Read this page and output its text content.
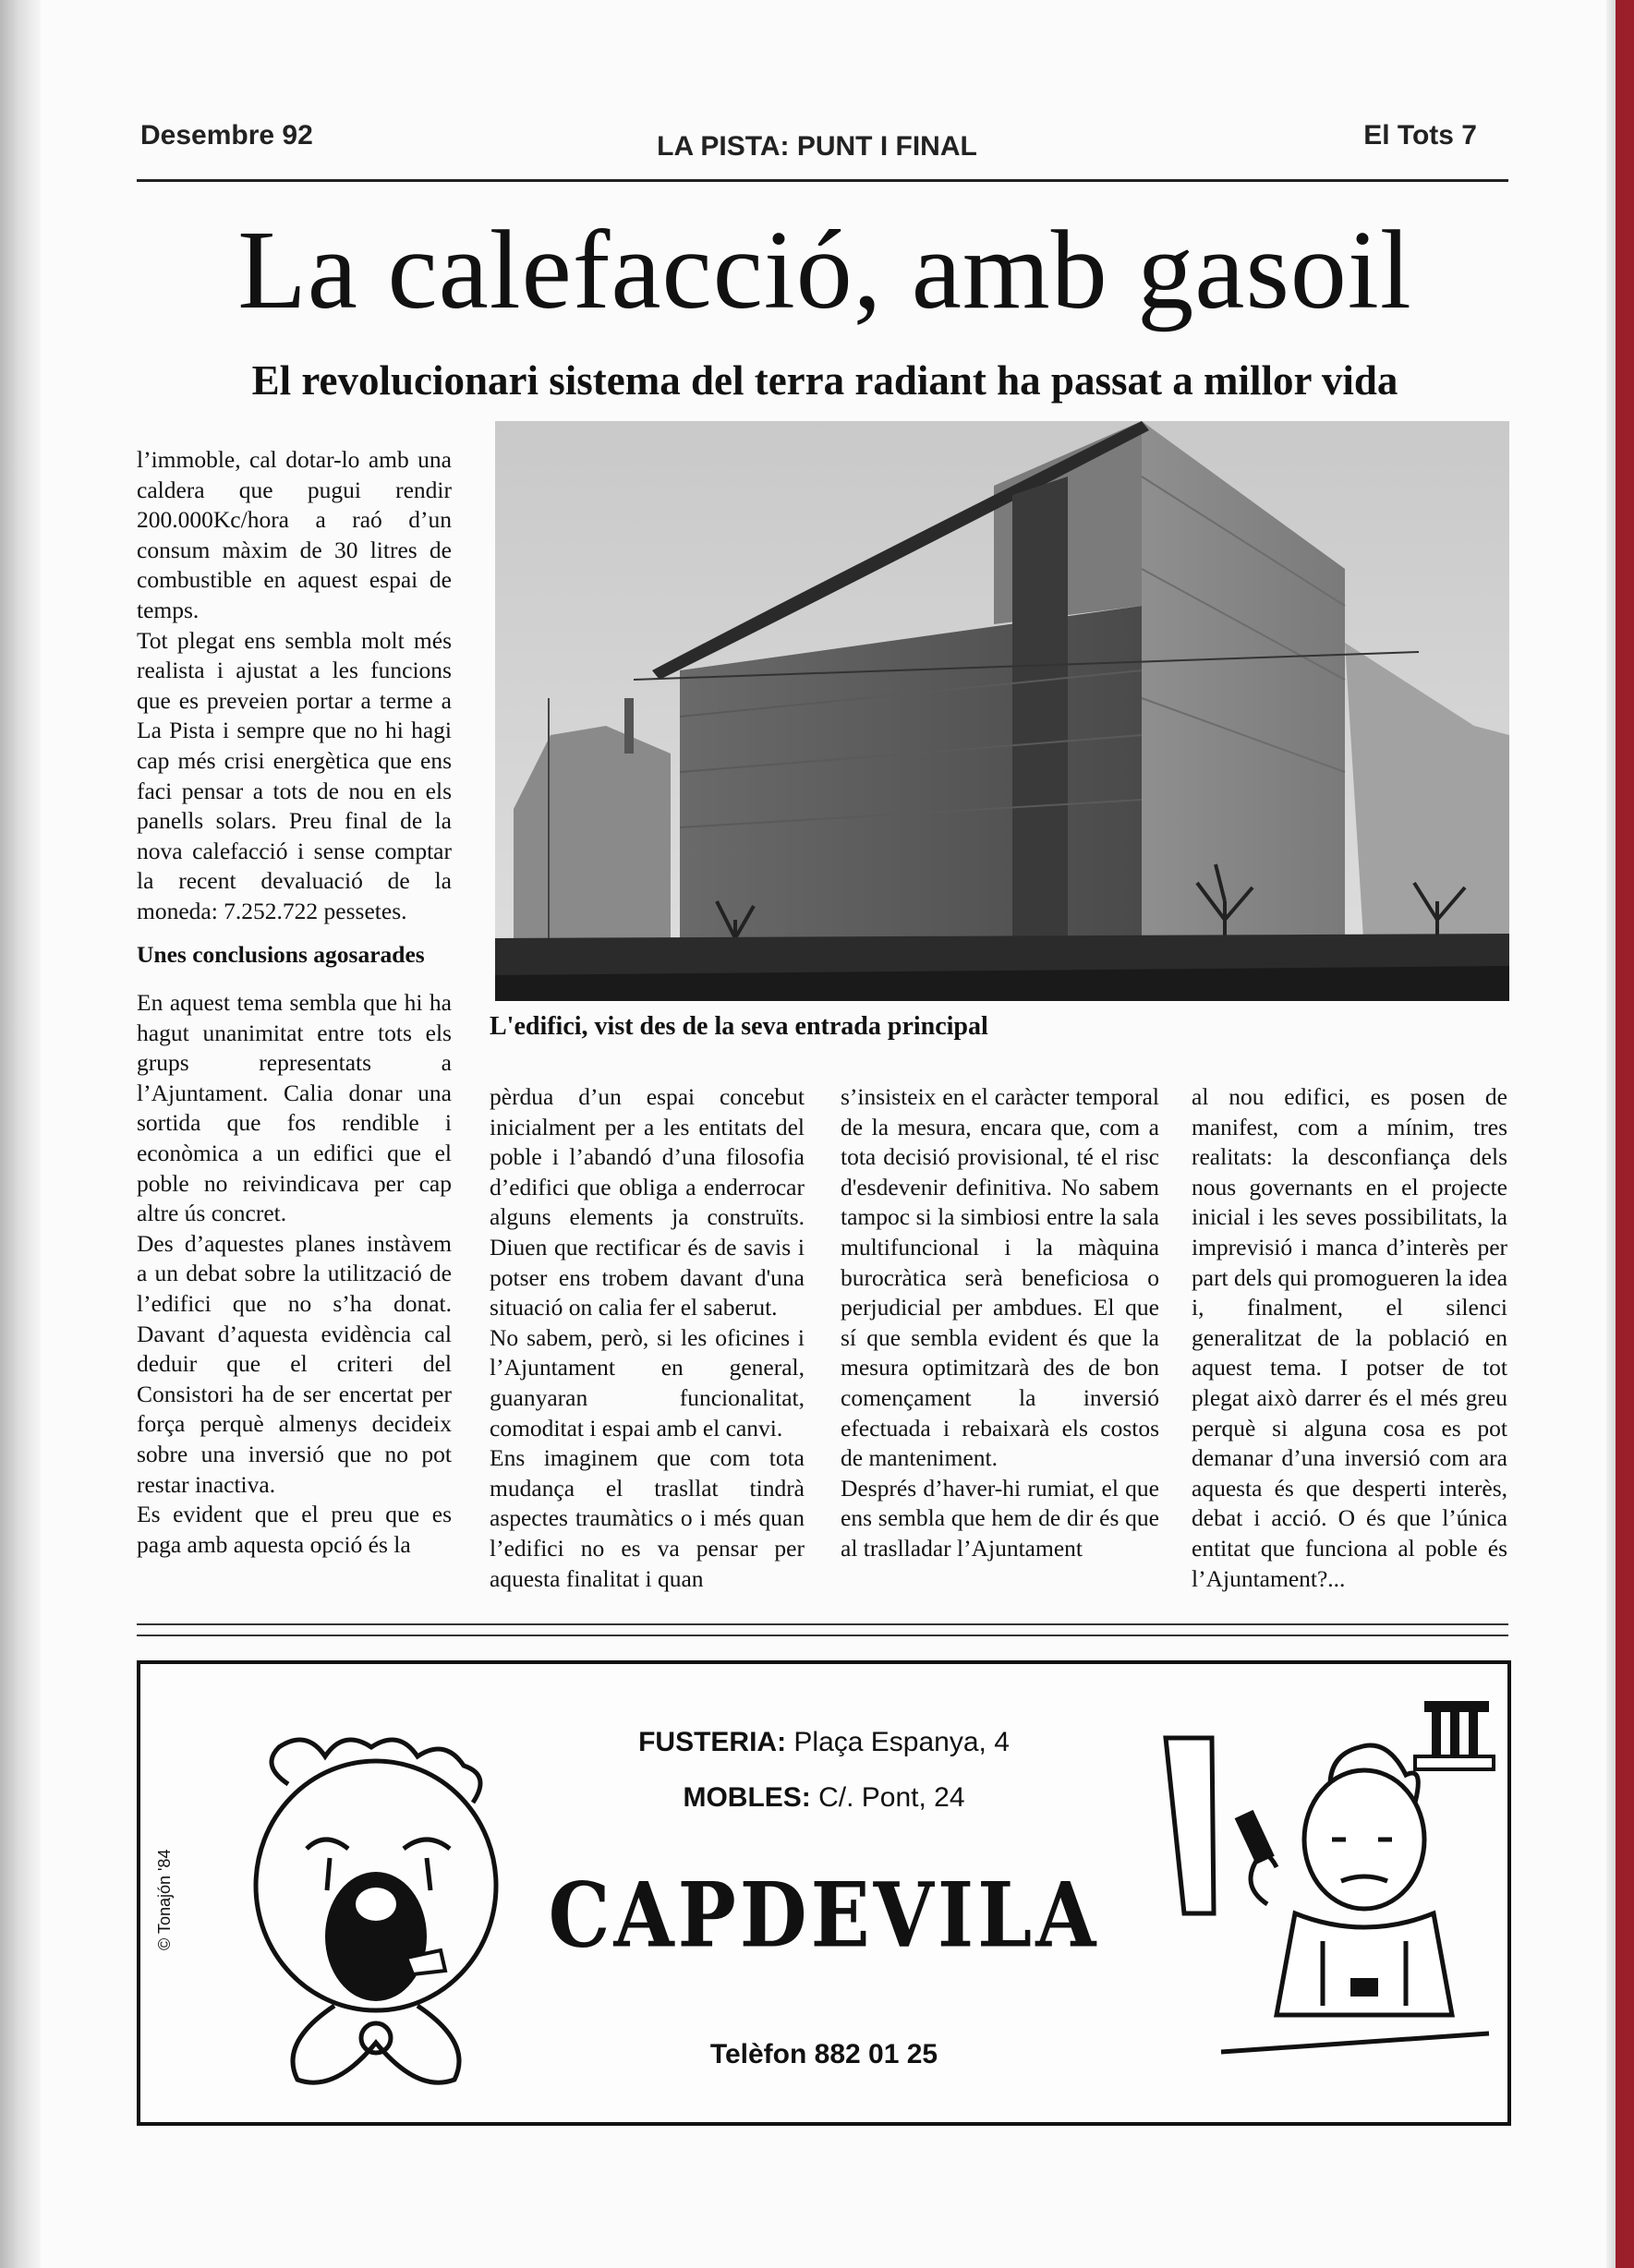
Desembre 92	LA PISTA: PUNT I FINAL	El Tots 7
La calefacció, amb gasoil
El revolucionari sistema del terra radiant ha passat a millor vida

l’immoble, cal dotar-lo amb una caldera que pugui rendir 200.000Kc/hora a raó d’un consum màxim de 30 litres de combustible en aquest espai de temps.

Tot plegat ens sembla molt més realista i ajustat a les funcions que es preveien portar a terme a La Pista i sempre que no hi hagi cap més crisi energètica que ens faci pensar a tots de nou en els panells solars. Preu final de la nova calefacció i sense comptar la recent devaluació de la moneda: 7.252.722 pessetes.

Unes conclusions agosarades

En aquest tema sembla que hi ha hagut unanimitat entre tots els grups representats a l’Ajuntament. Calia donar una sortida que fos rendible i econòmica a un edifici que el poble no reivindicava per cap altre ús concret.

Des d’aquestes planes instàvem a un debat sobre la utilització de l’edifici que no s’ha donat. Davant d’aquesta evidència cal deduir que el criteri del Consistori ha de ser encertat per força perquè almenys decideix sobre una inversió que no pot restar inactiva.

Es evident que el preu que es paga amb aquesta opció és la

L'edifici, vist des de la seva entrada principal

pèrdua d’un espai concebut inicialment per a les entitats del poble i l’abandó d’una filosofia d’edifici que obliga a enderrocar alguns elements ja construïts. Diuen que rectificar és de savis i potser ens trobem davant d'una situació on calia fer el saberut.

No sabem, però, si les oficines i l’Ajuntament en general, guanyaran funcionalitat, comoditat i espai amb el canvi.

Ens imaginem que com tota mudança el trasllat tindrà aspectes traumàtics o i més quan l’edifici no es va pensar per aquesta finalitat i quan

s’insisteix en el caràcter temporal de la mesura, encara que, com a tota decisió provisional, té el risc d'esdevenir definitiva. No sabem tampoc si la simbiosi entre la sala multifuncional i la màquina burocràtica serà beneficiosa o perjudicial per ambdues. El que sí que sembla evident és que la mesura optimitzarà des de bon començament la inversió efectuada i rebaixarà els costos de manteniment.

Després d’haver-hi rumiat, el que ens sembla que hem de dir és que al traslladar l’Ajuntament

al nou edifici, es posen de manifest, com a mínim, tres realitats: la desconfiança dels nous governants en el projecte inicial i les seves possibilitats, la imprevisió i manca d’interès per part dels qui promogueren la idea i, finalment, el silenci generalitzat de la població en aquest tema. I potser de tot plegat això darrer és el més greu perquè si alguna cosa es pot demanar d’una inversió com ara aquesta és que desperti interès, debat i acció. O és que l’única entitat que funciona al poble és l’Ajuntament?...

FUSTERIA: Plaça Espanya, 4
MOBLES: C/. Pont, 24
CAPDEVILA
Telèfon 882 01 25
© Tonajón '84
